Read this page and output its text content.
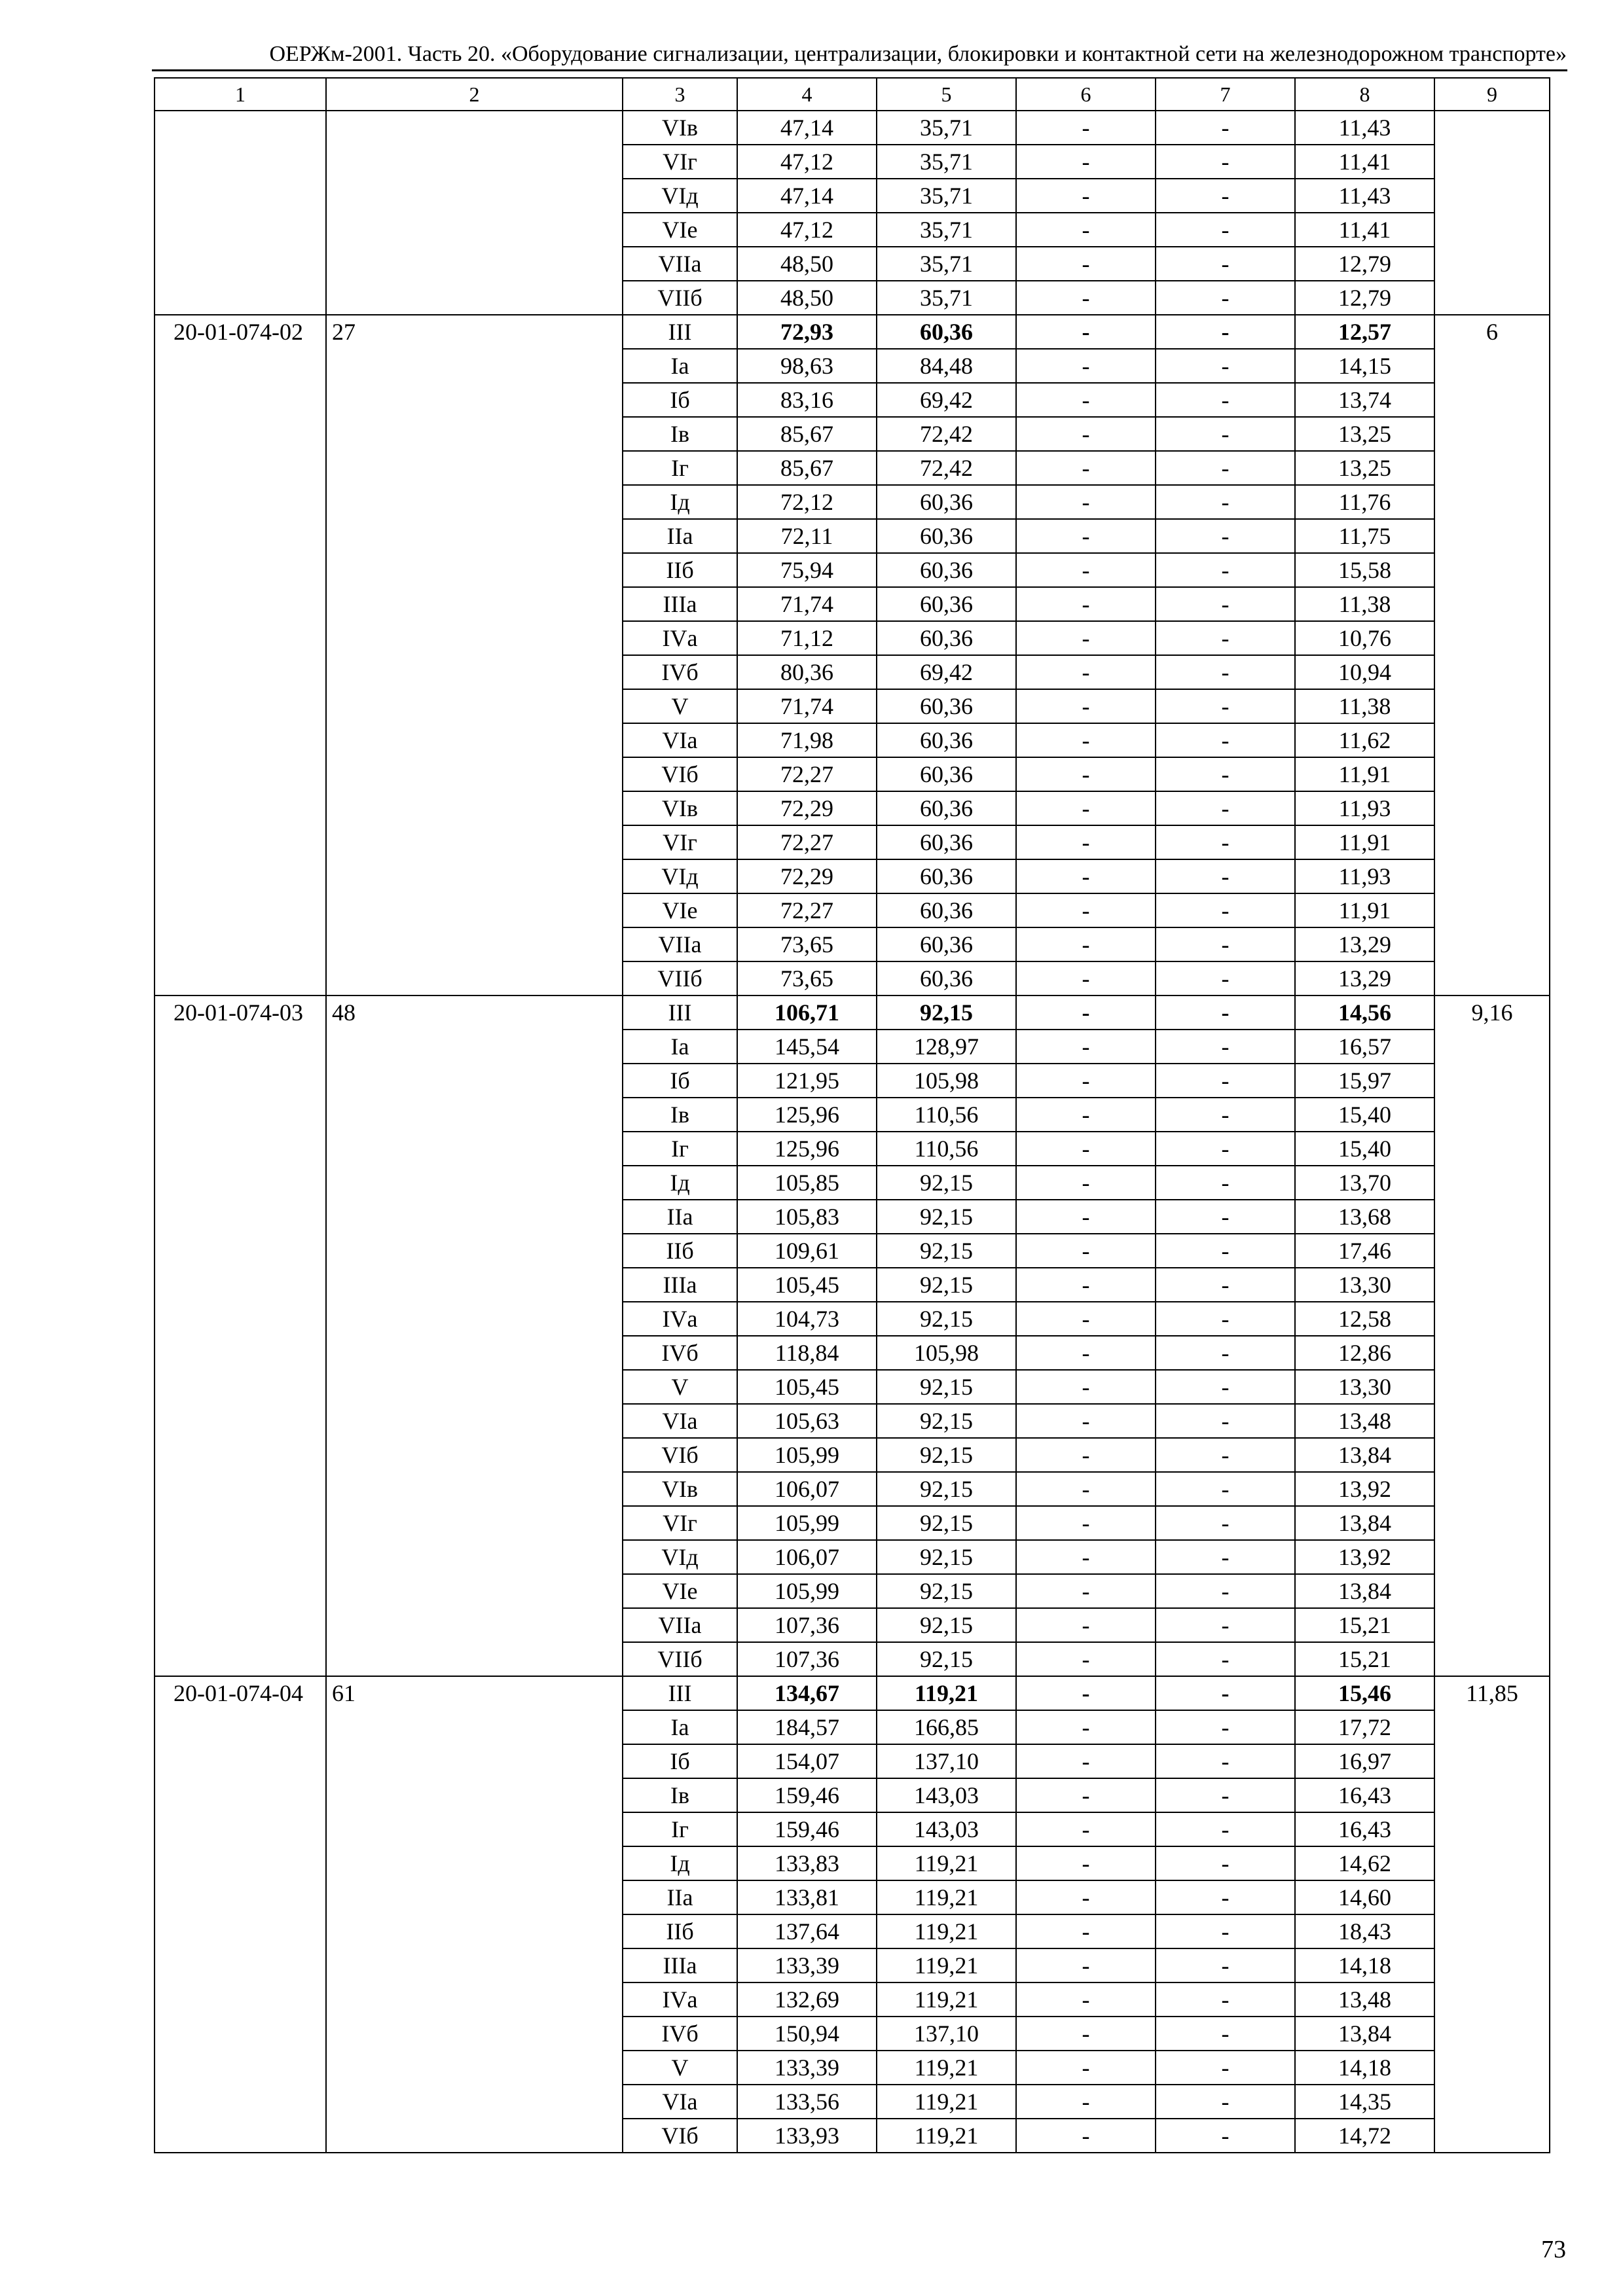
ОЕРЖм-2001. Часть 20. «Оборудование сигнализации, централизации, блокировки и контактной сети на железнодорожном транспорте»
1	2	3	4	5	6	7	8	9
		VIв	47,14	35,71	-	-	11,43	
		VIг	47,12	35,71	-	-	11,41	
		VIд	47,14	35,71	-	-	11,43	
		VIе	47,12	35,71	-	-	11,41	
		VIIа	48,50	35,71	-	-	12,79	
		VIIб	48,50	35,71	-	-	12,79	
20-01-074-02	27	III	72,93	60,36	-	-	12,57	6
		Iа	98,63	84,48	-	-	14,15	
		Iб	83,16	69,42	-	-	13,74	
		Iв	85,67	72,42	-	-	13,25	
		Iг	85,67	72,42	-	-	13,25	
		Iд	72,12	60,36	-	-	11,76	
		IIа	72,11	60,36	-	-	11,75	
		IIб	75,94	60,36	-	-	15,58	
		IIIа	71,74	60,36	-	-	11,38	
		IVа	71,12	60,36	-	-	10,76	
		IVб	80,36	69,42	-	-	10,94	
		V	71,74	60,36	-	-	11,38	
		VIа	71,98	60,36	-	-	11,62	
		VIб	72,27	60,36	-	-	11,91	
		VIв	72,29	60,36	-	-	11,93	
		VIг	72,27	60,36	-	-	11,91	
		VIд	72,29	60,36	-	-	11,93	
		VIе	72,27	60,36	-	-	11,91	
		VIIа	73,65	60,36	-	-	13,29	
		VIIб	73,65	60,36	-	-	13,29	
20-01-074-03	48	III	106,71	92,15	-	-	14,56	9,16
		Iа	145,54	128,97	-	-	16,57	
		Iб	121,95	105,98	-	-	15,97	
		Iв	125,96	110,56	-	-	15,40	
		Iг	125,96	110,56	-	-	15,40	
		Iд	105,85	92,15	-	-	13,70	
		IIа	105,83	92,15	-	-	13,68	
		IIб	109,61	92,15	-	-	17,46	
		IIIа	105,45	92,15	-	-	13,30	
		IVа	104,73	92,15	-	-	12,58	
		IVб	118,84	105,98	-	-	12,86	
		V	105,45	92,15	-	-	13,30	
		VIа	105,63	92,15	-	-	13,48	
		VIб	105,99	92,15	-	-	13,84	
		VIв	106,07	92,15	-	-	13,92	
		VIг	105,99	92,15	-	-	13,84	
		VIд	106,07	92,15	-	-	13,92	
		VIе	105,99	92,15	-	-	13,84	
		VIIа	107,36	92,15	-	-	15,21	
		VIIб	107,36	92,15	-	-	15,21	
20-01-074-04	61	III	134,67	119,21	-	-	15,46	11,85
		Iа	184,57	166,85	-	-	17,72	
		Iб	154,07	137,10	-	-	16,97	
		Iв	159,46	143,03	-	-	16,43	
		Iг	159,46	143,03	-	-	16,43	
		Iд	133,83	119,21	-	-	14,62	
		IIа	133,81	119,21	-	-	14,60	
		IIб	137,64	119,21	-	-	18,43	
		IIIа	133,39	119,21	-	-	14,18	
		IVа	132,69	119,21	-	-	13,48	
		IVб	150,94	137,10	-	-	13,84	
		V	133,39	119,21	-	-	14,18	
		VIа	133,56	119,21	-	-	14,35	
		VIб	133,93	119,21	-	-	14,72	
73
